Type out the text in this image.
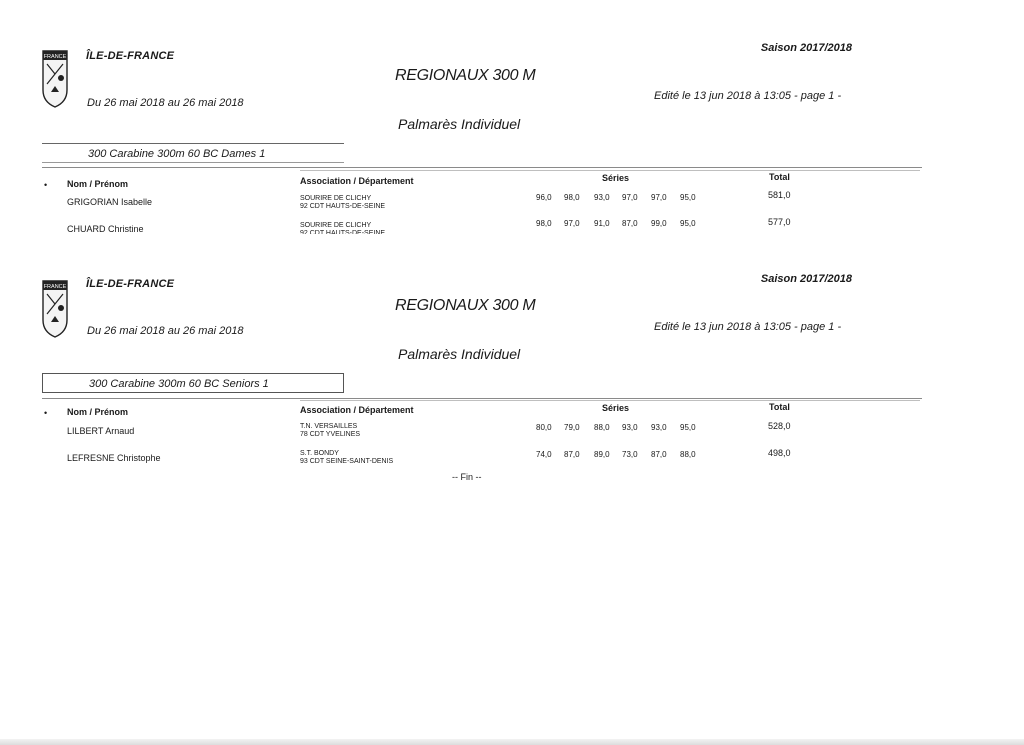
FRANCE ÎLE-DE-FRANCE
Saison 2017/2018
REGIONAUX 300 M
Du 26 mai 2018 au 26 mai 2018
Edité le 13 jun 2018 à 13:05 - page 1 -
Palmarès Individuel
300 Carabine 300m 60 BC Dames 1
• Nom / Prénom	Association / Département	Séries	Total
GRIGORIAN Isabelle	SOURIRE DE CLICHY
92 CDT HAUTS-DE-SEINE
96,0 98,0 93,0 97,0 97,0 95,0	581,0
CHUARD Christine	SOURIRE DE CLICHY
92 CDT HAUTS-DE-SEINE
98,0 97,0 91,0 87,0 99,0 95,0	577,0
FRANCE ÎLE-DE-FRANCE	Saison 2017/2018
REGIONAUX 300 M
Du 26 mai 2018 au 26 mai 2018	Edité le 13 jun 2018 à 13:05 - page 1 -
Palmarès Individuel
300 Carabine 300m 60 BC Seniors 1
• Nom / Prénom	Association / Département	Séries	Total
LILBERT Arnaud	T.N. VERSAILLES
78 CDT YVELINES
80,0 79,0 88,0 93,0 93,0 95,0	528,0
LEFRESNE Christophe	S.T. BONDY
93 CDT SEINE-SAINT-DENIS
74,0 87,0 89,0 73,0 87,0 88,0	498,0
-- Fin --
